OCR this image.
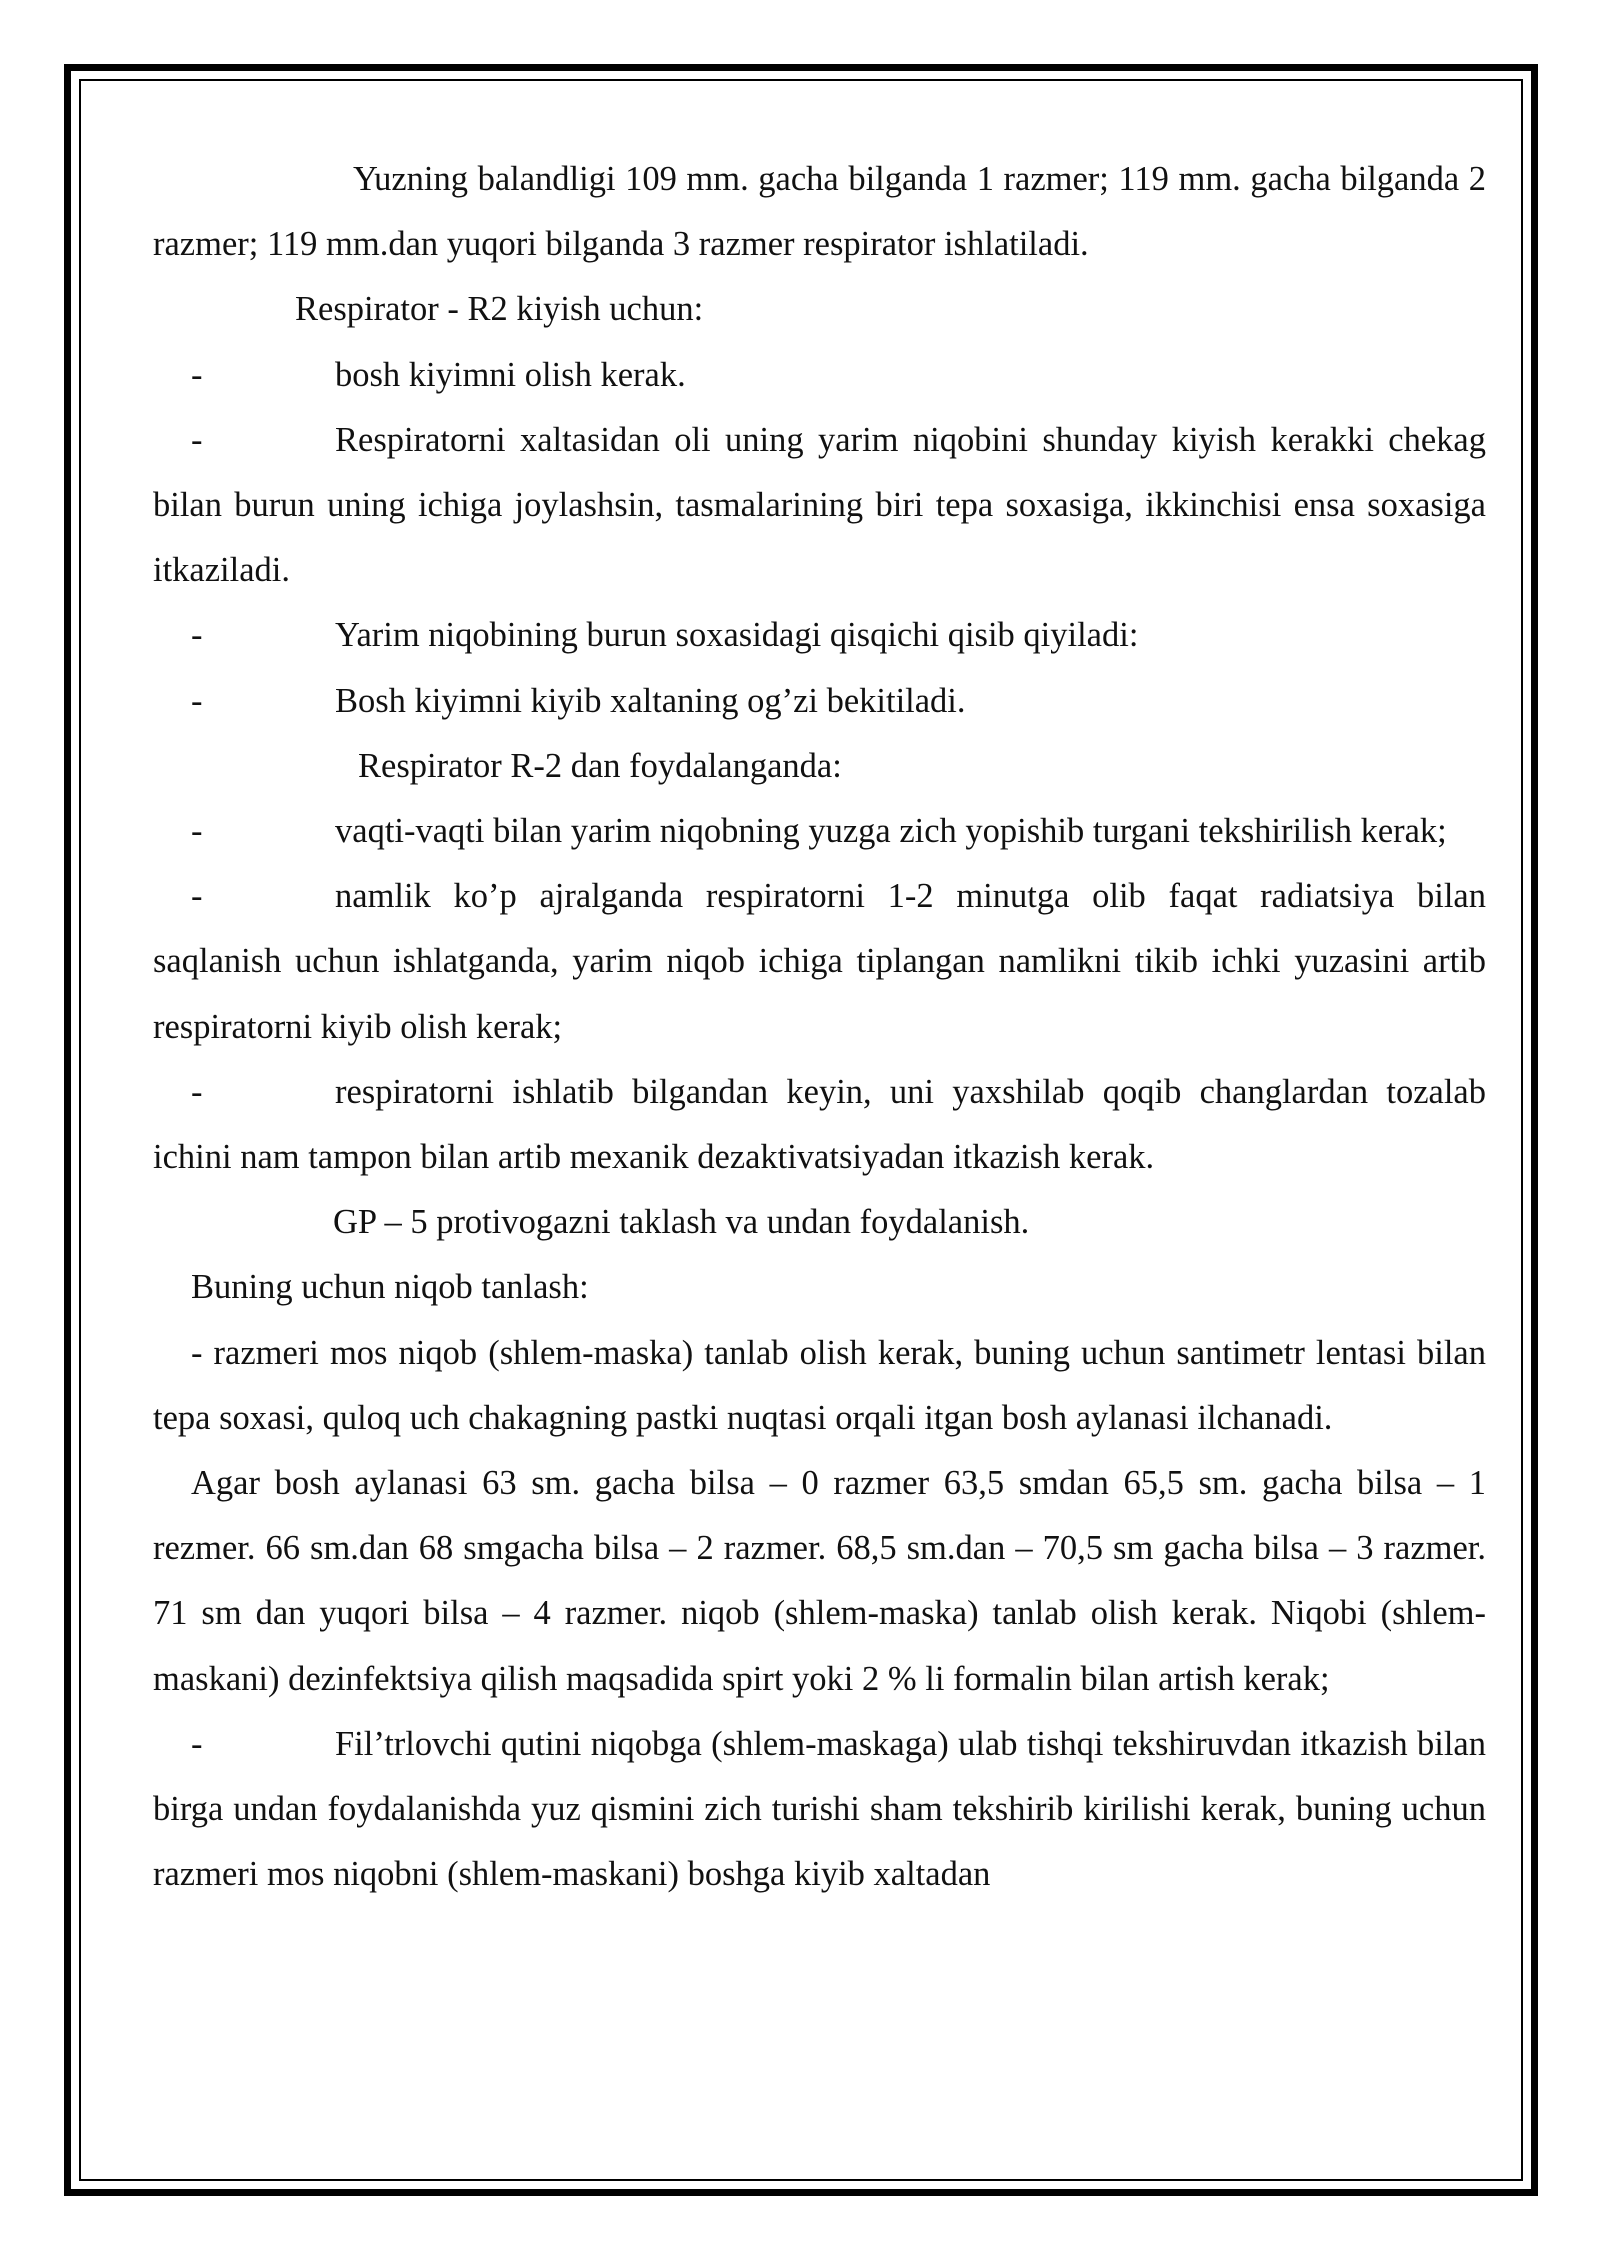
Yuzning balandligi 109 mm. gacha bilganda 1 razmer; 119 mm. gacha bilganda 2 razmer; 119 mm.dan yuqori bilganda 3 razmer respirator ishlatiladi.

Respirator - R2 kiyish uchun:

-	bosh kiyimni olish kerak.

-	Respiratorni xaltasidan oli uning yarim niqobini shunday kiyish kerakki chekag bilan burun uning ichiga joylashsin, tasmalarining biri tepa soxasiga, ikkinchisi ensa soxasiga itkaziladi.

-	Yarim niqobining burun soxasidagi qisqichi qisib qiyiladi:

-	Bosh kiyimni kiyib xaltaning og’zi bekitiladi.

Respirator R-2 dan foydalanganda:

-	vaqti-vaqti bilan yarim niqobning yuzga zich yopishib turgani tekshirilish kerak;

-	namlik ko’p ajralganda respiratorni 1-2 minutga olib faqat radiatsiya bilan saqlanish uchun ishlatganda, yarim niqob ichiga tiplangan namlikni tikib ichki yuzasini artib respiratorni kiyib olish kerak;

-	respiratorni ishlatib bilgandan keyin, uni yaxshilab qoqib changlardan tozalab ichini nam tampon bilan artib mexanik dezaktivatsiyadan itkazish kerak.

GP – 5 protivogazni taklash va undan foydalanish.

Buning uchun niqob tanlash:

- razmeri mos niqob (shlem-maska) tanlab olish kerak, buning uchun santimetr lentasi bilan tepa soxasi, quloq uch chakagning pastki nuqtasi orqali itgan bosh aylanasi ilchanadi.

Agar bosh aylanasi 63 sm. gacha bilsa – 0 razmer 63,5 smdan 65,5 sm. gacha bilsa – 1 rezmer. 66 sm.dan 68 smgacha bilsa – 2 razmer. 68,5 sm.dan – 70,5 sm gacha bilsa – 3 razmer. 71 sm dan yuqori bilsa – 4 razmer. niqob (shlem-maska) tanlab olish kerak. Niqobi (shlem-maskani) dezinfektsiya qilish maqsadida spirt yoki 2 % li formalin bilan artish kerak;

-	Fil’trlovchi qutini niqobga (shlem-maskaga) ulab tishqi tekshiruvdan itkazish bilan birga undan foydalanishda yuz qismini zich turishi sham tekshirib kirilishi kerak, buning uchun razmeri mos niqobni (shlem-maskani) boshga kiyib xaltadan
